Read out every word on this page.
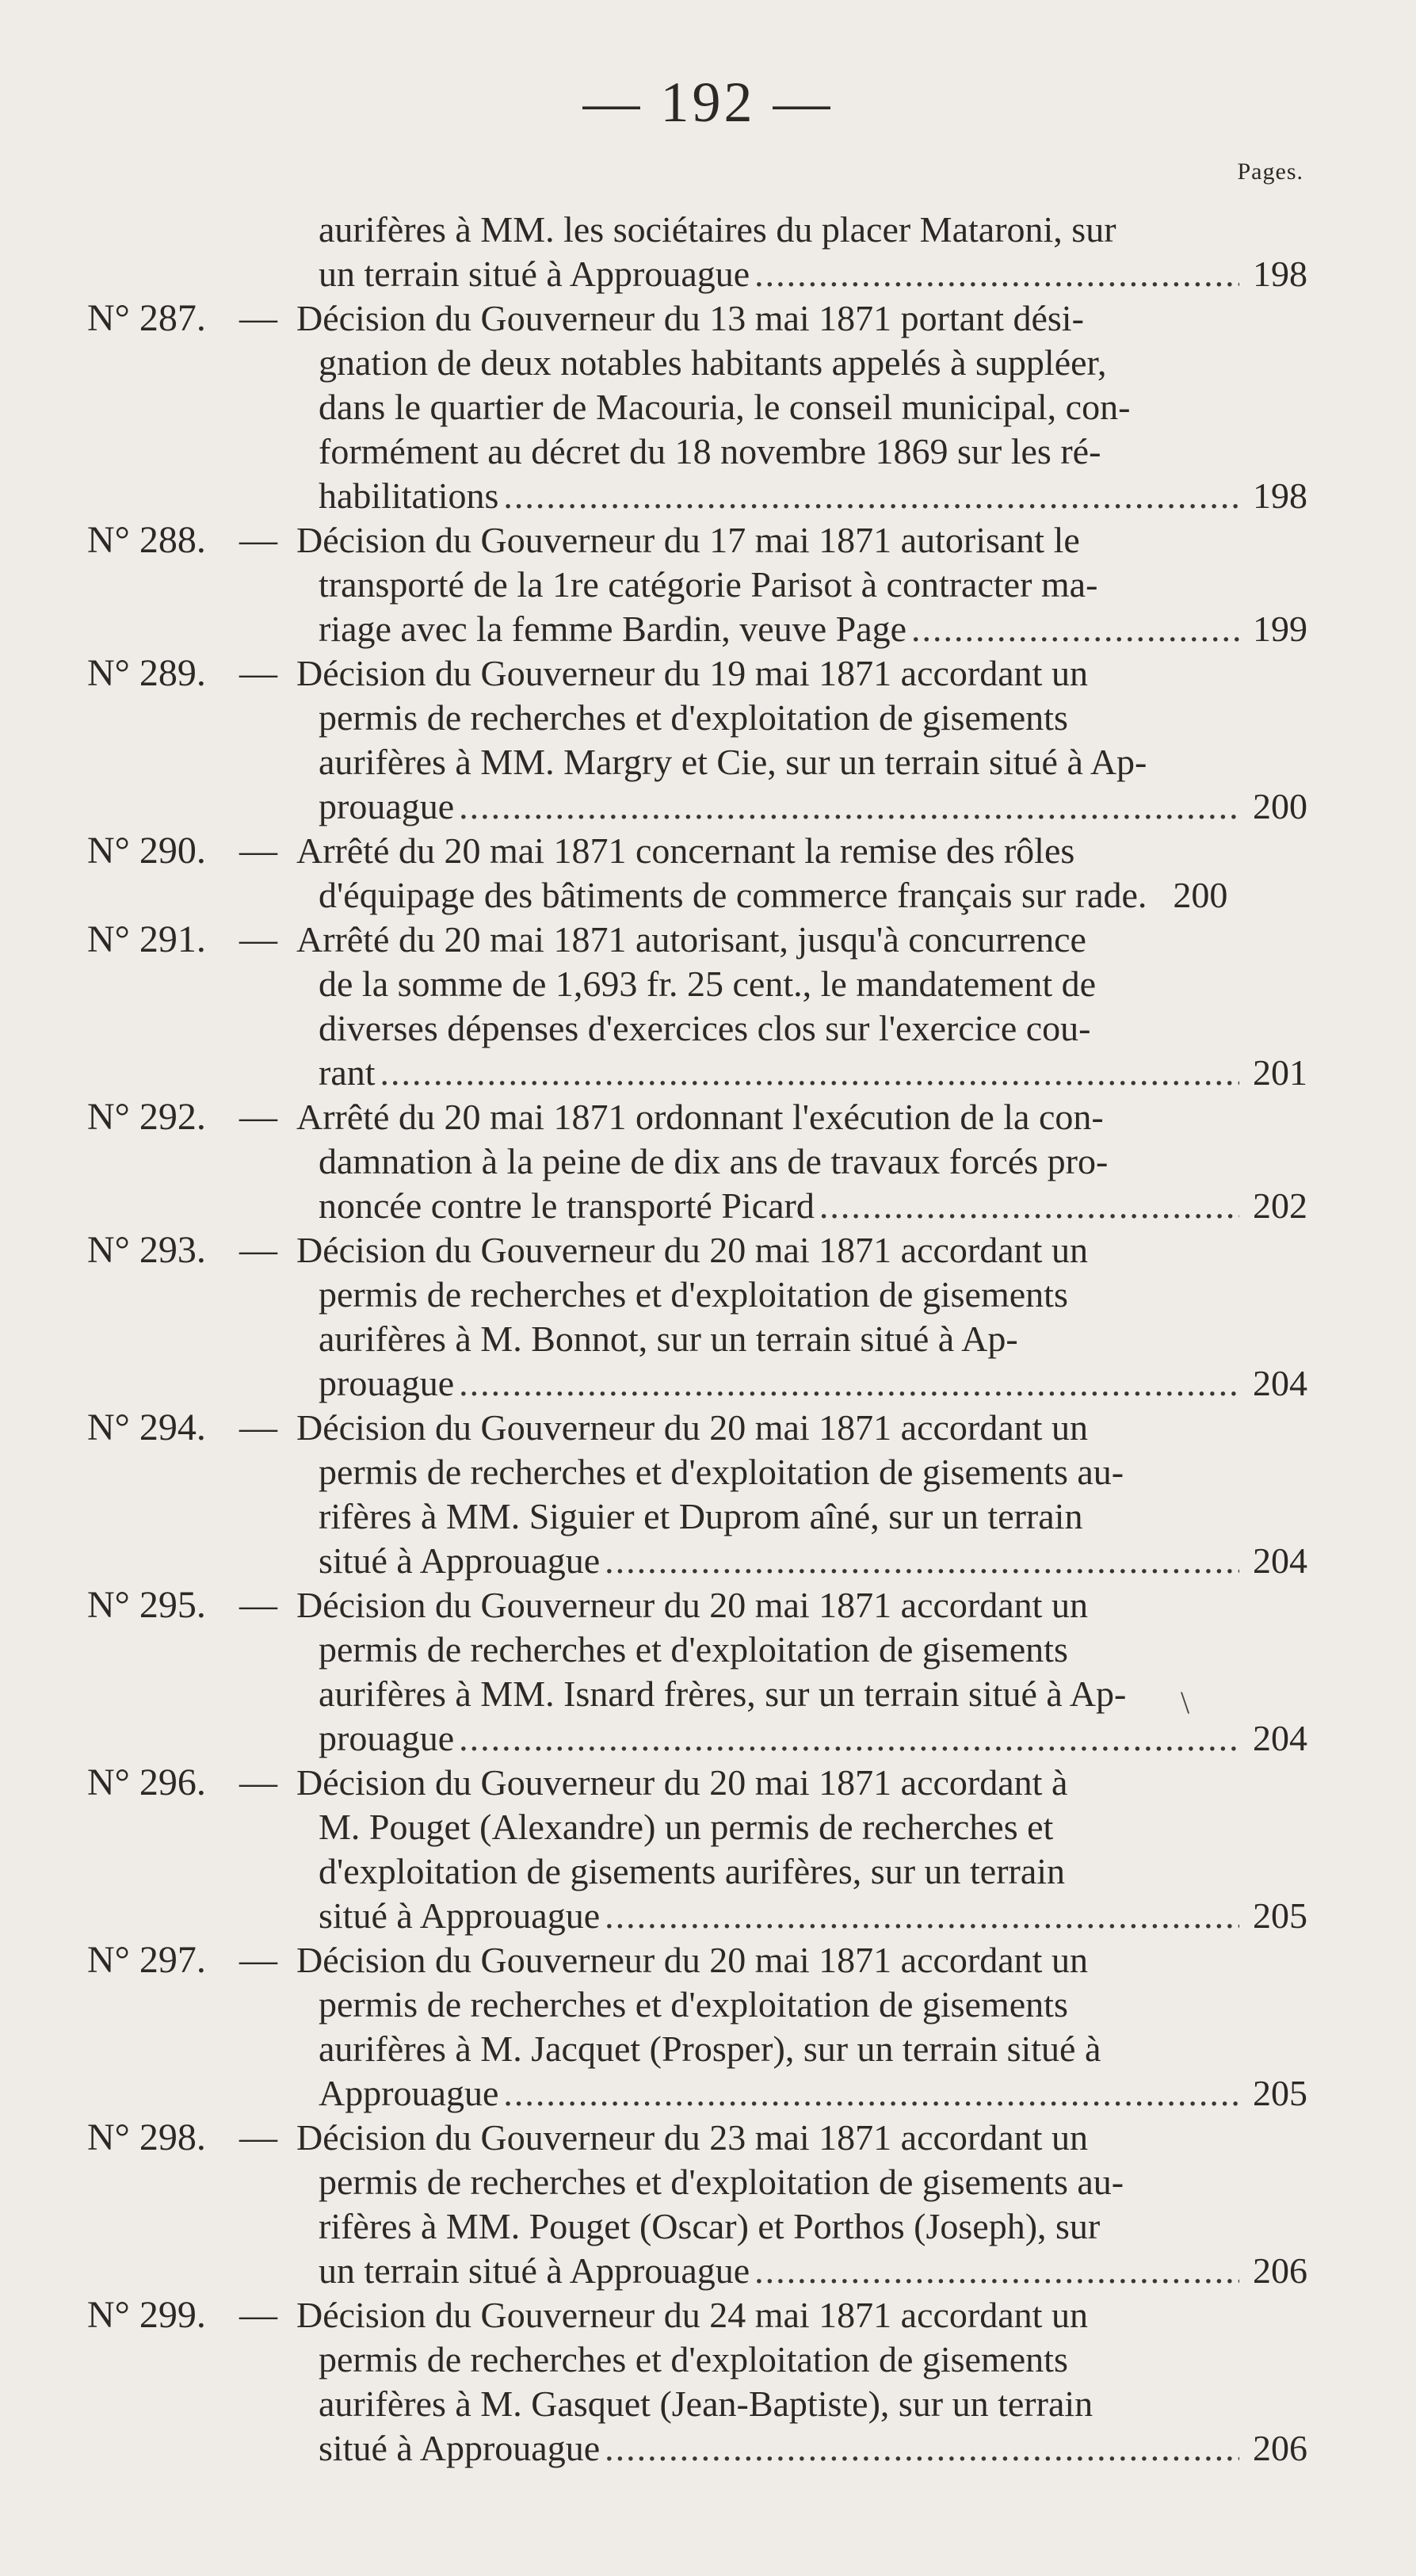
— 192 —
Pages.
aurifères à MM. les sociétaires du placer Mataroni, sur
un terrain situé à Approuague .....	198
N° 287. — Décision du Gouverneur du 13 mai 1871 portant dési-
gnation de deux notables habitants appelés à suppléer,
dans le quartier de Macouria, le conseil municipal, con-
formément au décret du 18 novembre 1869 sur les ré-
habilitations .....	198
N° 288. — Décision du Gouverneur du 17 mai 1871 autorisant le
transporté de la 1re catégorie Parisot à contracter ma-
riage avec la femme Bardin, veuve Page .....	199
N° 289. — Décision du Gouverneur du 19 mai 1871 accordant un
permis de recherches et d'exploitation de gisements
aurifères à MM. Margry et Cie, sur un terrain situé à Ap-
prouague .....	200
N° 290. — Arrêté du 20 mai 1871 concernant la remise des rôles
d'équipage des bâtiments de commerce français sur rade. 200
N° 291. — Arrêté du 20 mai 1871 autorisant, jusqu'à concurrence
de la somme de 1,693 fr. 25 cent., le mandatement de
diverses dépenses d'exercices clos sur l'exercice cou-
rant .....	201
N° 292. — Arrêté du 20 mai 1871 ordonnant l'exécution de la con-
damnation à la peine de dix ans de travaux forcés pro-
noncée contre le transporté Picard .....	202
N° 293. — Décision du Gouverneur du 20 mai 1871 accordant un
permis de recherches et d'exploitation de gisements
aurifères à M. Bonnot, sur un terrain situé à Ap-
prouague .....	204
N° 294. — Décision du Gouverneur du 20 mai 1871 accordant un
permis de recherches et d'exploitation de gisements au-
rifères à MM. Siguier et Duprom aîné, sur un terrain
situé à Approuague .....	204
N° 295. — Décision du Gouverneur du 20 mai 1871 accordant un
permis de recherches et d'exploitation de gisements
aurifères à MM. Isnard frères, sur un terrain situé à Ap-
prouague .....	204
N° 296. — Décision du Gouverneur du 20 mai 1871 accordant à
M. Pouget (Alexandre) un permis de recherches et
d'exploitation de gisements aurifères, sur un terrain
situé à Approuague .....	205
N° 297. — Décision du Gouverneur du 20 mai 1871 accordant un
permis de recherches et d'exploitation de gisements
aurifères à M. Jacquet (Prosper), sur un terrain situé à
Approuague .....	205
N° 298. — Décision du Gouverneur du 23 mai 1871 accordant un
permis de recherches et d'exploitation de gisements au-
rifères à MM. Pouget (Oscar) et Porthos (Joseph), sur
un terrain situé à Approuague .....	206
N° 299. — Décision du Gouverneur du 24 mai 1871 accordant un
permis de recherches et d'exploitation de gisements
aurifères à M. Gasquet (Jean-Baptiste), sur un terrain
situé à Approuague .....	206
\
